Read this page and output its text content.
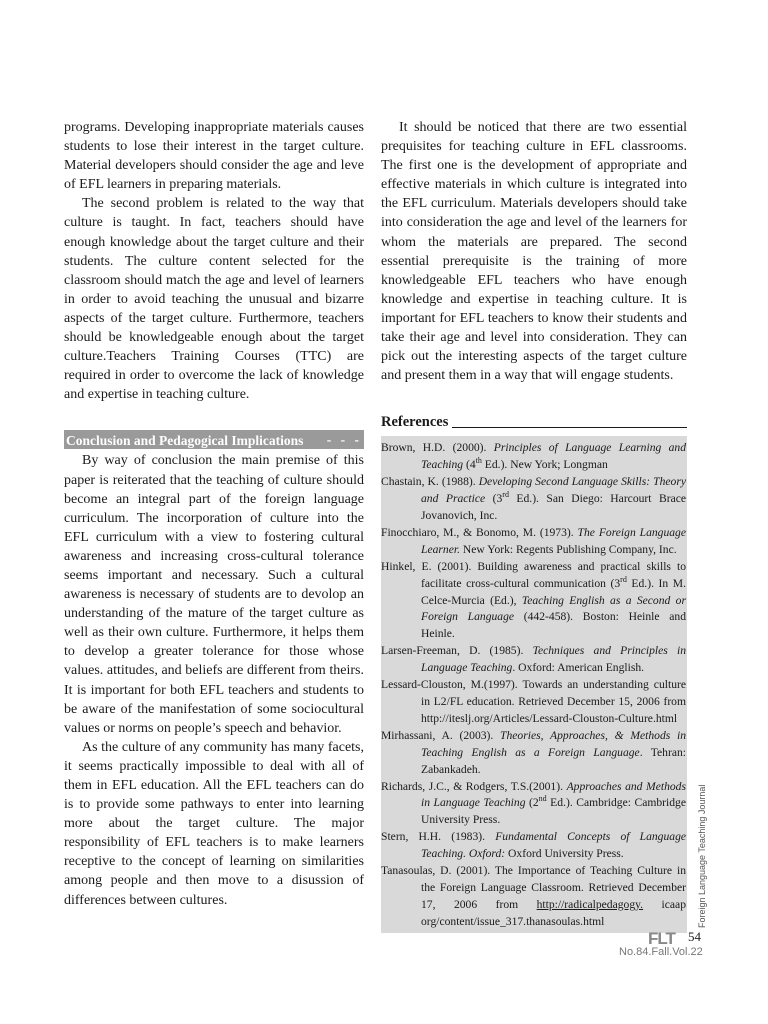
programs. Developing inappropriate materials causes students to lose their interest in the target culture. Material developers should consider the age and leve of EFL learners in preparing materials.

The second problem is related to the way that culture is taught. In fact, teachers should have enough knowledge about the target culture and their students. The culture content selected for the classroom should match the age and level of learners in order to avoid teaching the unusual and bizarre aspects of the target culture. Furthermore, teachers should be knowledgeable enough about the target culture.Teachers Training Courses (TTC) are required in order to overcome the lack of knowledge and expertise in teaching culture.

Conclusion and Pedagogical Implications - - -

By way of conclusion the main premise of this paper is reiterated that the teaching of culture should become an integral part of the foreign language curriculum. The incorporation of culture into the EFL curriculum with a view to fostering cultural awareness and increasing cross-cultural tolerance seems important and necessary. Such a cultural awareness is necessary of students are to devolop an understanding of the mature of the target culture as well as their own culture. Furthermore, it helps them to develop a greater tolerance for those whose values. attitudes, and beliefs are different from theirs. It is important for both EFL teachers and students to be aware of the manifestation of some sociocultural values or norms on people’s speech and behavior.

As the culture of any community has many facets, it seems practically impossible to deal with all of them in EFL education. All the EFL teachers can do is to provide some pathways to enter into learning more about the target culture. The major responsibility of EFL teachers is to make learners receptive to the concept of learning on similarities among people and then move to a disussion of differences between cultures.

It should be noticed that there are two essential prequisites for teaching culture in EFL classrooms. The first one is the development of appropriate and effective materials in which culture is integrated into the EFL curriculum. Materials developers should take into consideration the age and level of the learners for whom the materials are prepared. The second essential prerequisite is the training of more knowledgeable EFL teachers who have enough knowledge and expertise in teaching culture. It is important for EFL teachers to know their students and take their age and level into consideration. They can pick out the interesting aspects of the target culture and present them in a way that will engage students.

References
Brown, H.D. (2000). Principles of Language Learning and Teaching (4th Ed.). New York; Longman
Chastain, K. (1988). Developing Second Language Skills: Theory and Practice (3rd Ed.). San Diego: Harcourt Brace Jovanovich, Inc.
Finocchiaro, M., & Bonomo, M. (1973). The Foreign Language Learner. New York: Regents Publishing Company, Inc.
Hinkel, E. (2001). Building awareness and practical skills to facilitate cross-cultural communication (3rd Ed.). In M. Celce-Murcia (Ed.), Teaching English as a Second or Foreign Language (442-458). Boston: Heinle and Heinle.
Larsen-Freeman, D. (1985). Techniques and Principles in Language Teaching. Oxford: American English.
Lessard-Clouston, M.(1997). Towards an understanding culture in L2/FL education. Retrieved December 15, 2006 from http://iteslj.org/Articles/Lessard-Clouston-Culture.html
Mirhassani, A. (2003). Theories, Approaches, & Methods in Teaching English as a Foreign Language. Tehran: Zabankadeh.
Richards, J.C., & Rodgers, T.S.(2001). Approaches and Methods in Language Teaching (2nd Ed.). Cambridge: Cambridge University Press.
Stern, H.H. (1983). Fundamental Concepts of Language Teaching. Oxford: Oxford University Press.
Tanasoulas, D. (2001). The Importance of Teaching Culture in the Foreign Language Classroom. Retrieved December 17, 2006 from http://radicalpedagogy. icaap org/content/issue_317.thanasoulas.html	Foreign Language Teaching Journal
FLT 54
No.84.Fall.Vol.22
